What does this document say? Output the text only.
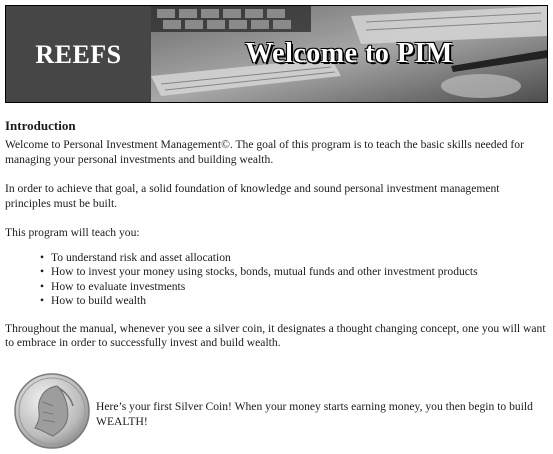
REEFS	Welcome to PIM
Introduction

Welcome to Personal Investment Management©. The goal of this program is to teach the basic skills needed for managing your personal investments and building wealth.

In order to achieve that goal, a solid foundation of knowledge and sound personal investment management principles must be built.

This program will teach you:

• To understand risk and asset allocation
• How to invest your money using stocks, bonds, mutual funds and other investment products
• How to evaluate investments
• How to build wealth

Throughout the manual, whenever you see a silver coin, it designates a thought changing concept, one you will want to embrace in order to successfully invest and build wealth.

Here’s your first Silver Coin! When your money starts earning money, you then begin to build WEALTH!
